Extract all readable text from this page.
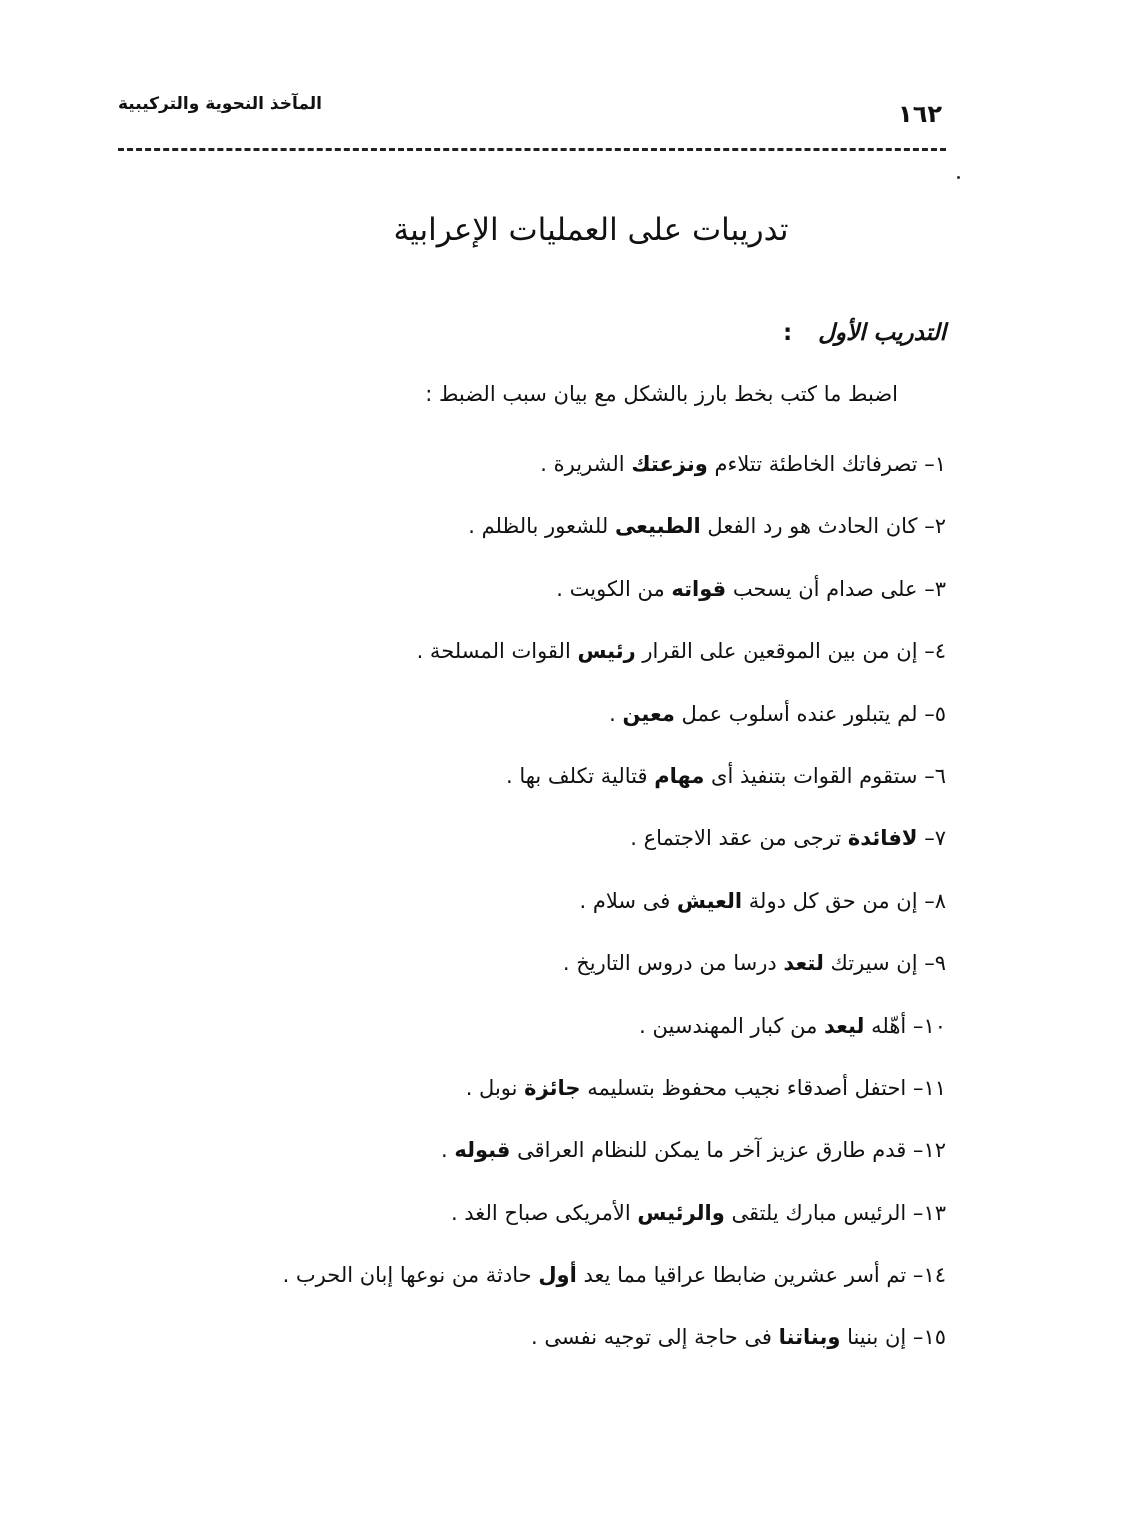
المآخذ النحوية والتركيبية	١٦٢
تدريبات على العمليات الإعرابية
التدريب الأول:
اضبط ما كتب بخط بارز بالشكل مع بيان سبب الضبط :
١– تصرفاتك الخاطئة تتلاءم ونزعتك الشريرة .
٢– كان الحادث هو رد الفعل الطبيعى للشعور بالظلم .
٣– على صدام أن يسحب قواته من الكويت .
٤– إن من بين الموقعين على القرار رئيس القوات المسلحة .
٥– لم يتبلور عنده أسلوب عمل معين .
٦– ستقوم القوات بتنفيذ أى مهام قتالية تكلف بها .
٧– لافائدة ترجى من عقد الاجتماع .
٨– إن من حق كل دولة العيش فى سلام .
٩– إن سيرتك لتعد درسا من دروس التاريخ .
١٠– أهّله ليعد من كبار المهندسين .
١١– احتفل أصدقاء نجيب محفوظ بتسليمه جائزة نوبل .
١٢– قدم طارق عزيز آخر ما يمكن للنظام العراقى قبوله .
١٣– الرئيس مبارك يلتقى والرئيس الأمريكى صباح الغد .
١٤– تم أسر عشرين ضابطا عراقيا مما يعد أول حادثة من نوعها إبان الحرب .
١٥– إن بنينا وبناتنا فى حاجة إلى توجيه نفسى .
